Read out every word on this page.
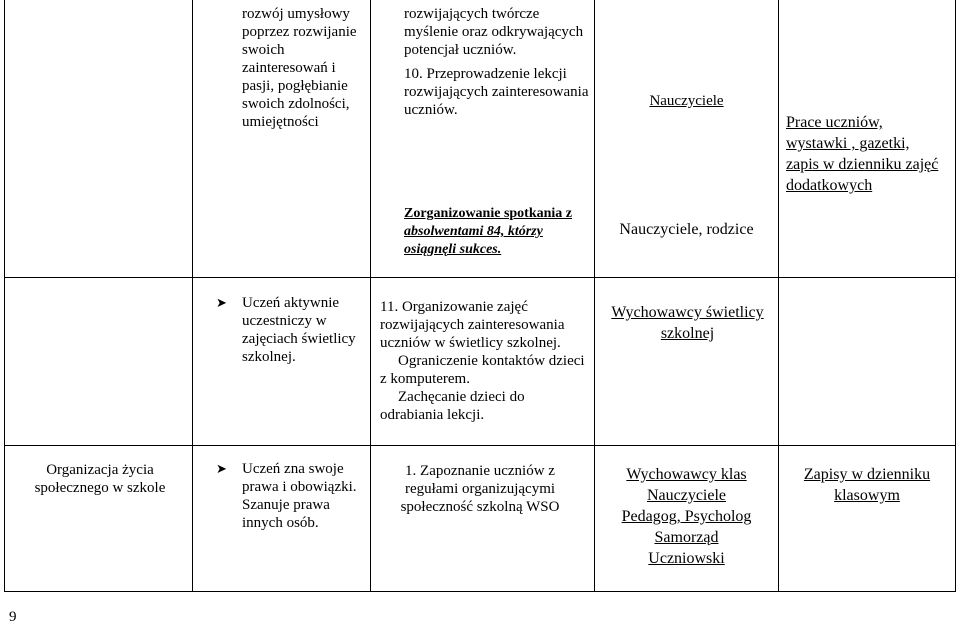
rozwój umysłowy poprzez rozwijanie swoich zainteresowań i pasji, pogłębianie swoich zdolności, umiejętności

rozwijających twórcze myślenie oraz odkrywających potencjał uczniów.

10. Przeprowadzenie lekcji rozwijających zainteresowania uczniów.

Zorganizowanie spotkania z

absolwentami 84, którzy osiągnęli sukces.

Nauczyciele
Nauczyciele, rodzice
Prace uczniów, wystawki , gazetki, zapis w dzienniku zajęć dodatkowych
➤ Uczeń aktywnie uczestniczy w zajęciach świetlicy szkolnej.

11. Organizowanie zajęć rozwijających zainteresowania uczniów w świetlicy szkolnej.

Ograniczenie kontaktów dzieci z komputerem.

Zachęcanie dzieci do odrabiania lekcji.

Wychowawcy świetlicy szkolnej
Organizacja życia społecznego w szkole
➤ Uczeń zna swoje prawa i obowiązki. Szanuje prawa innych osób.

1. Zapoznanie uczniów z regułami organizującymi społeczność szkolną WSO
Wychowawcy klas
Nauczyciele
Pedagog, Psycholog
Samorząd
Uczniowski
Zapisy w dzienniku klasowym
9
